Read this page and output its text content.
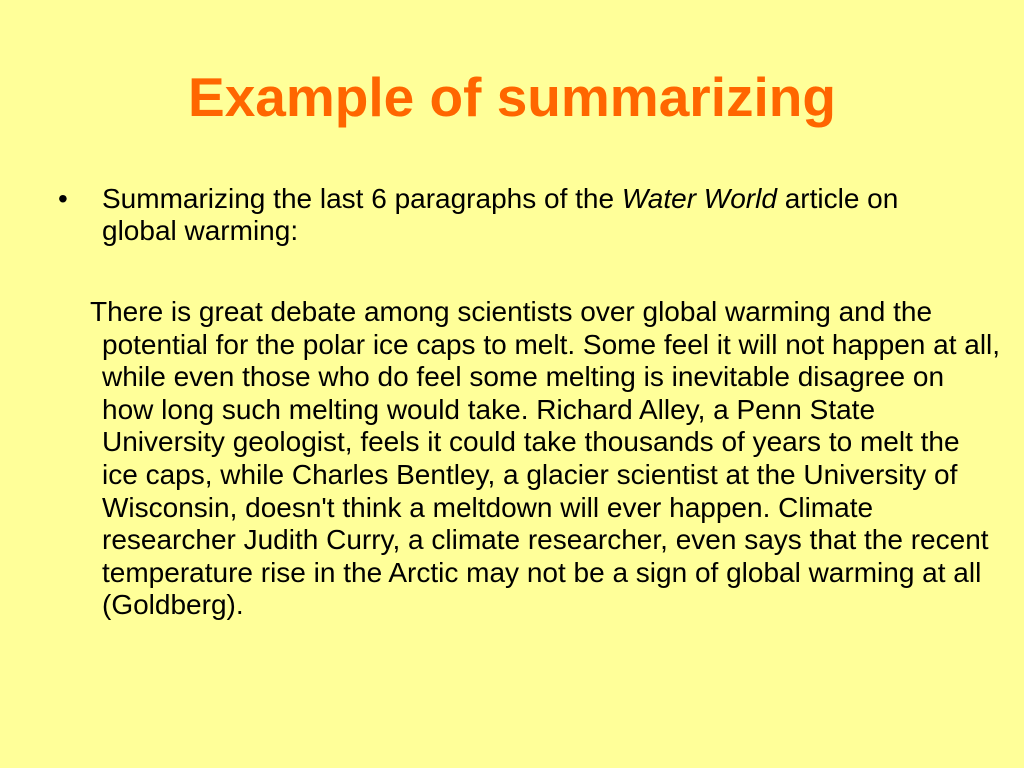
Example of summarizing
•	Summarizing the last 6 paragraphs of the Water World article on global warming:

There is great debate among scientists over global warming and the potential for the polar ice caps to melt. Some feel it will not happen at all, while even those who do feel some melting is inevitable disagree on how long such melting would take. Richard Alley, a Penn State University geologist, feels it could take thousands of years to melt the ice caps, while Charles Bentley, a glacier scientist at the University of Wisconsin, doesn't think a meltdown will ever happen. Climate researcher Judith Curry, a climate researcher, even says that the recent temperature rise in the Arctic may not be a sign of global warming at all (Goldberg).
